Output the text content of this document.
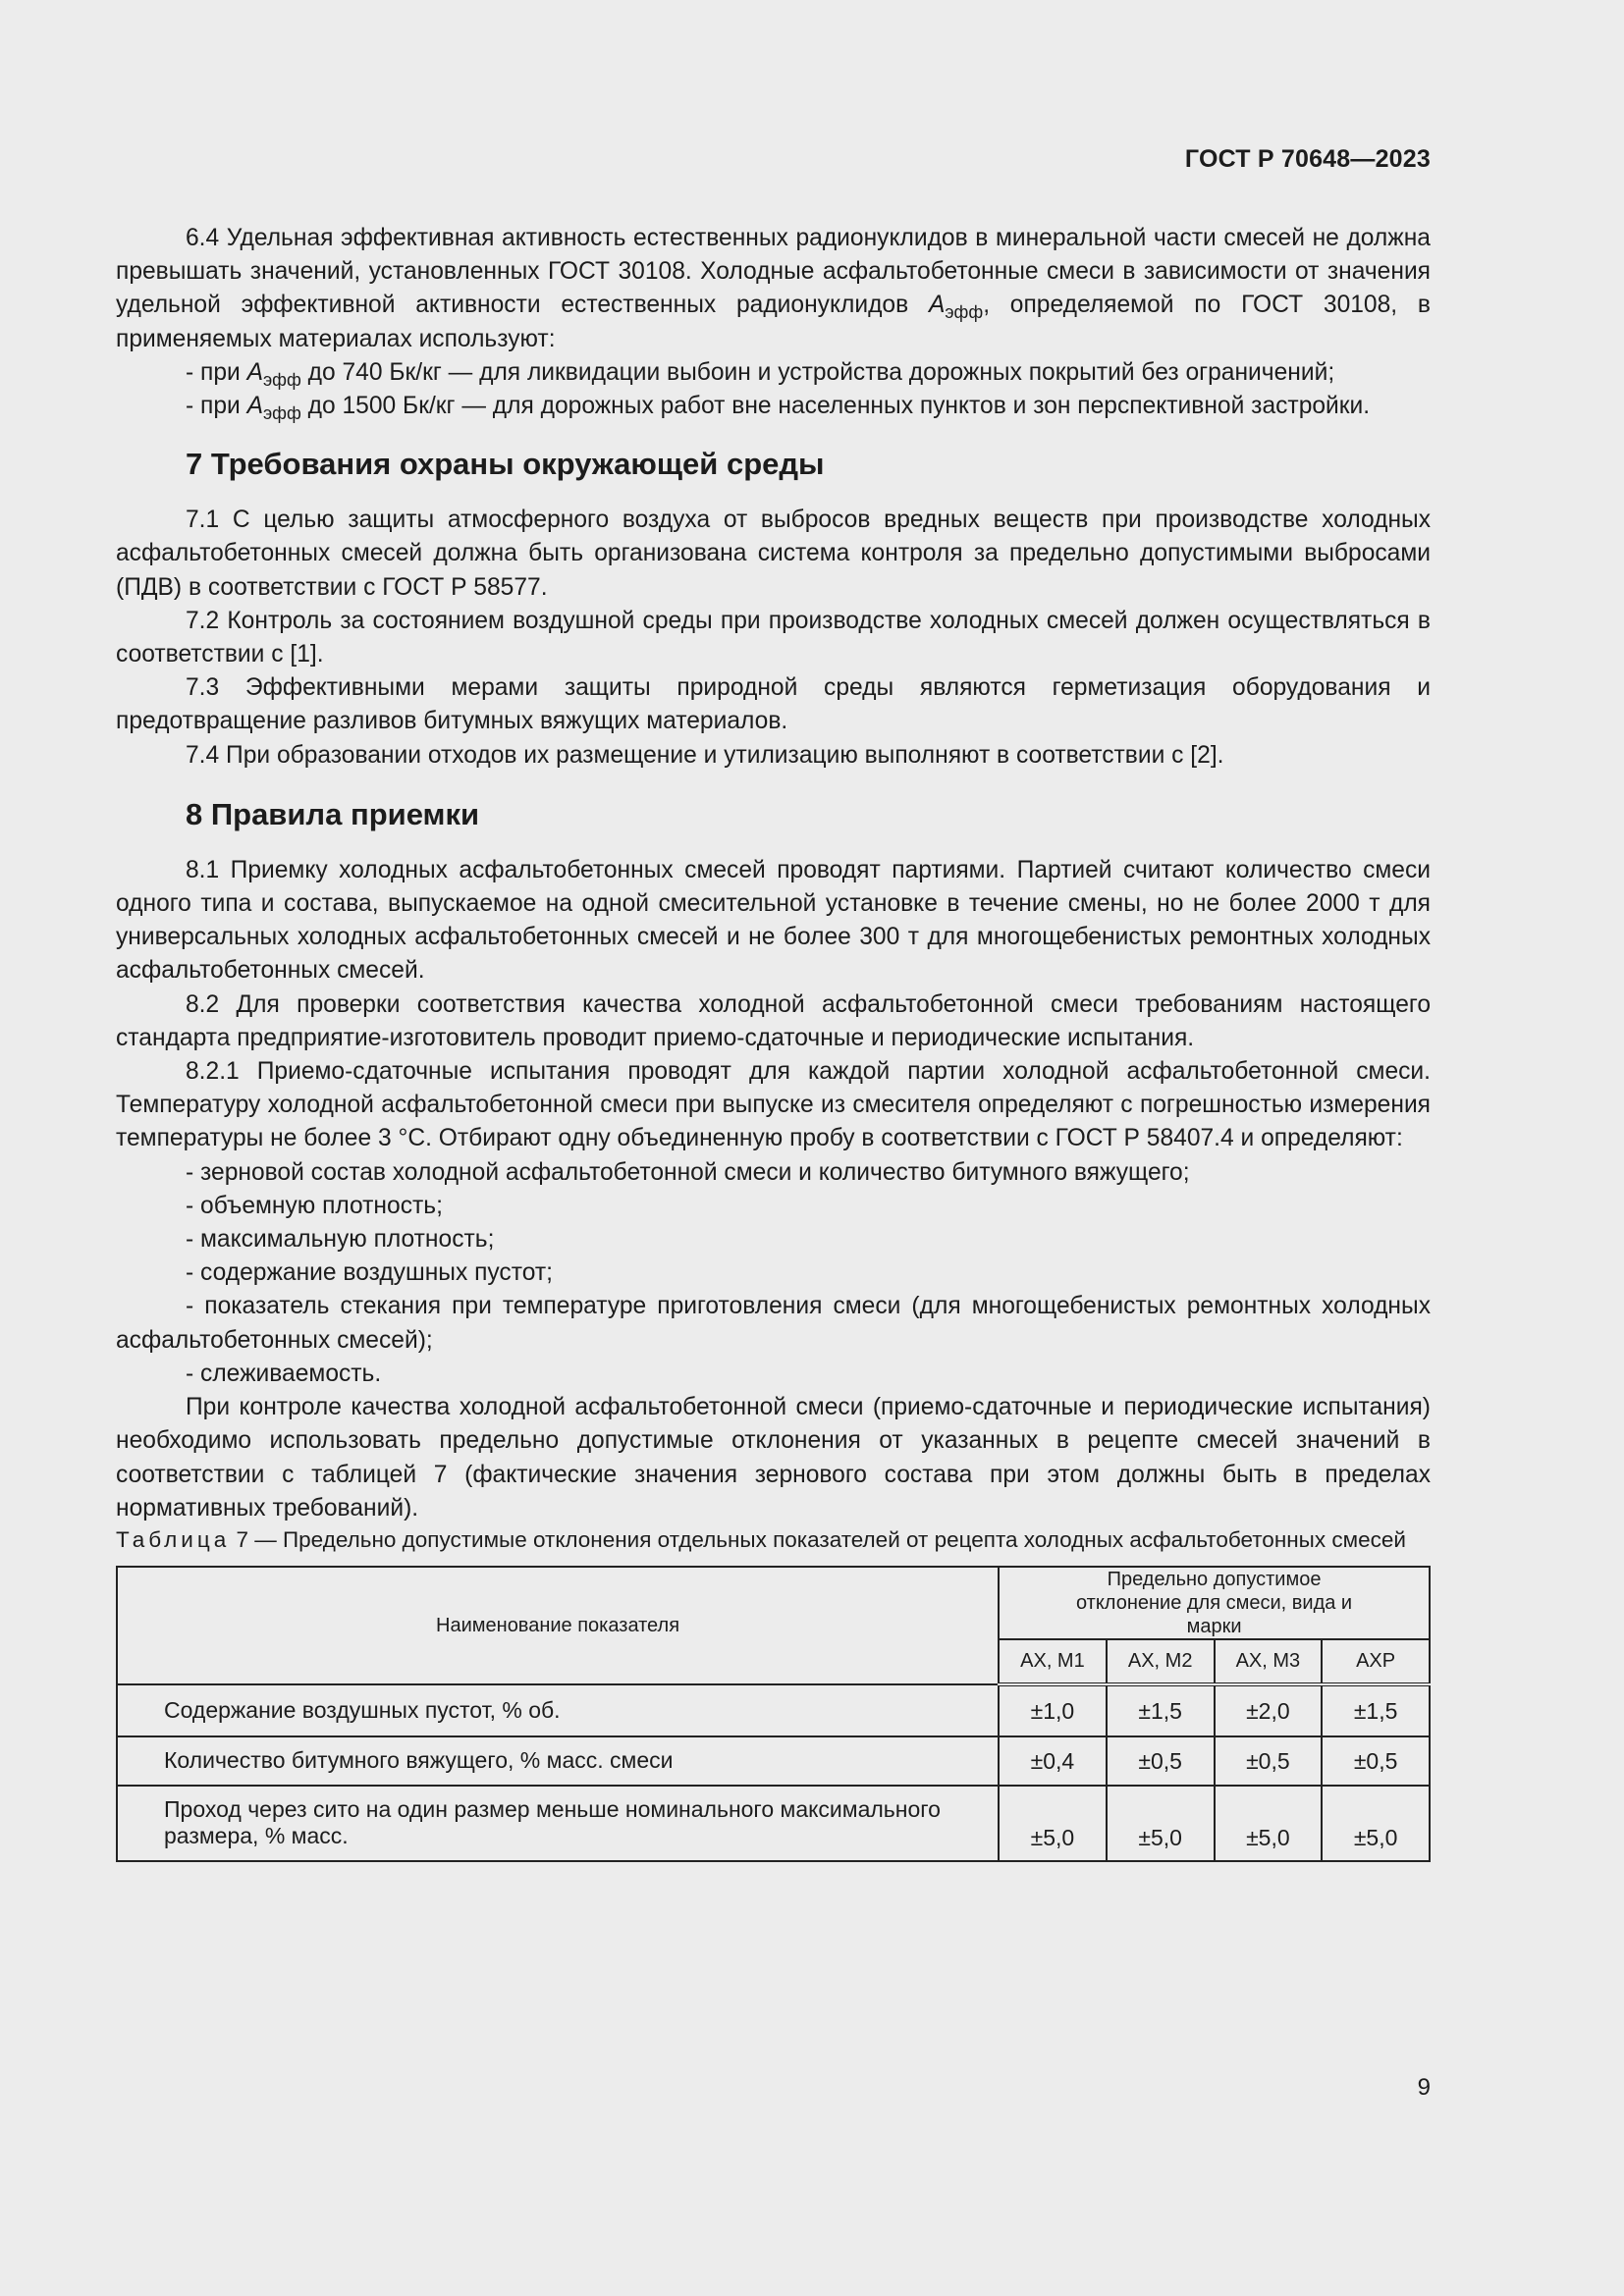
ГОСТ Р 70648—2023

6.4 Удельная эффективная активность естественных радионуклидов в минеральной части смесей не должна превышать значений, установленных ГОСТ 30108. Холодные асфальтобетонные смеси в зависимости от значения удельной эффективной активности естественных радионуклидов $А_{эфф}$, определяемой по ГОСТ 30108, в применяемых материалах используют:

- при $А_{эфф}$ до 740 Бк/кг — для ликвидации выбоин и устройства дорожных покрытий без ограничений;

- при $А_{эфф}$ до 1500 Бк/кг — для дорожных работ вне населенных пунктов и зон перспективной застройки.

7 Требования охраны окружающей среды

7.1 С целью защиты атмосферного воздуха от выбросов вредных веществ при производстве холодных асфальтобетонных смесей должна быть организована система контроля за предельно допустимыми выбросами (ПДВ) в соответствии с ГОСТ Р 58577.

7.2 Контроль за состоянием воздушной среды при производстве холодных смесей должен осуществляться в соответствии с [1].

7.3 Эффективными мерами защиты природной среды являются герметизация оборудования и предотвращение разливов битумных вяжущих материалов.

7.4 При образовании отходов их размещение и утилизацию выполняют в соответствии с [2].

8 Правила приемки

8.1 Приемку холодных асфальтобетонных смесей проводят партиями. Партией считают количество смеси одного типа и состава, выпускаемое на одной смесительной установке в течение смены, но не более 2000 т для универсальных холодных асфальтобетонных смесей и не более 300 т для многощебенистых ремонтных холодных асфальтобетонных смесей.

8.2 Для проверки соответствия качества холодной асфальтобетонной смеси требованиям настоящего стандарта предприятие-изготовитель проводит приемо-сдаточные и периодические испытания.

8.2.1 Приемо-сдаточные испытания проводят для каждой партии холодной асфальтобетонной смеси. Температуру холодной асфальтобетонной смеси при выпуске из смесителя определяют с погрешностью измерения температуры не более 3 °С. Отбирают одну объединенную пробу в соответствии с ГОСТ Р 58407.4 и определяют:

- зерновой состав холодной асфальтобетонной смеси и количество битумного вяжущего;

- объемную плотность;

- максимальную плотность;

- содержание воздушных пустот;

- показатель стекания при температуре приготовления смеси (для многощебенистых ремонтных холодных асфальтобетонных смесей);

- слеживаемость.

При контроле качества холодной асфальтобетонной смеси (приемо-сдаточные и периодические испытания) необходимо использовать предельно допустимые отклонения от указанных в рецепте смесей значений в соответствии с таблицей 7 (фактические значения зернового состава при этом должны быть в пределах нормативных требований).

Таблица 7 — Предельно допустимые отклонения отдельных показателей от рецепта холодных асфальтобетонных смесей

Наименование показателя	Предельно допустимое отклонение для смеси, вида и марки			
	АХ, М1	АХ, М2	АХ, М3	АХР
Содержание воздушных пустот, % об.	±1,0	±1,5	±2,0	±1,5
Количество битумного вяжущего, % масс. смеси	±0,4	±0,5	±0,5	±0,5
Проход через сито на один размер меньше номинального максимального размера, % масс.	±5,0	±5,0	±5,0	±5,0
9
